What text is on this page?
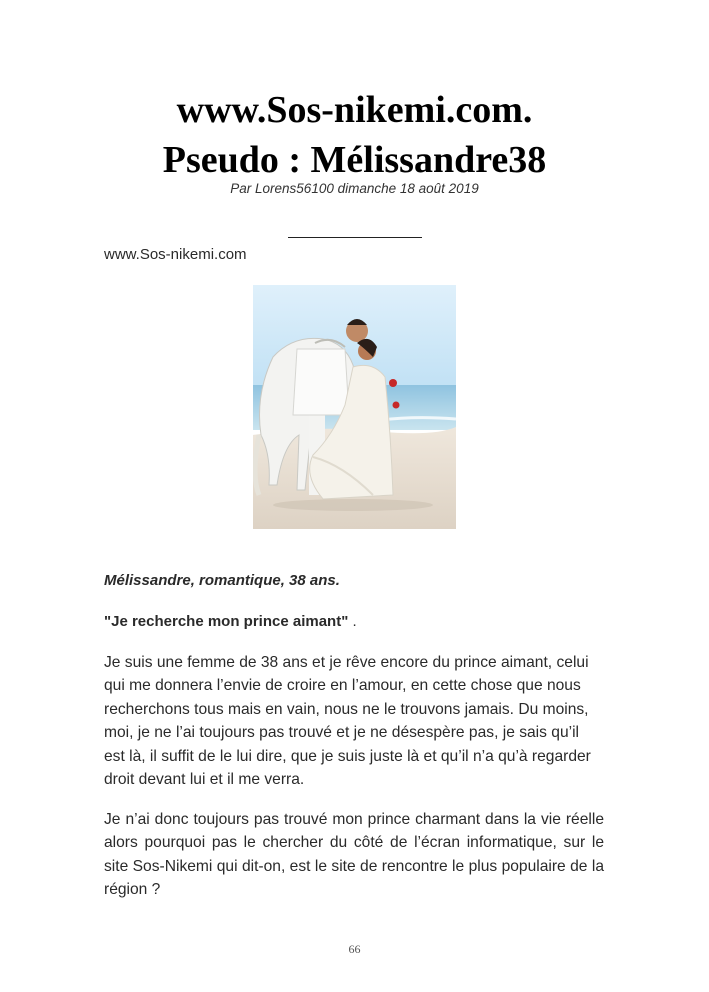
www.Sos-nikemi.com.
Pseudo : Mélissandre38
Par Lorens56100 dimanche 18 août 2019
www.Sos-nikemi.com
Mélissandre, romantique, 38 ans.
"Je recherche mon prince aimant" .

Je suis une femme de 38 ans et je rêve encore du prince aimant, celui qui me donnera l’envie de croire en l’amour, en cette chose que nous recherchons tous mais en vain, nous ne le trouvons jamais. Du moins, moi, je ne l’ai toujours pas trouvé et je ne désespère pas, je sais qu’il est là, il suffit de le lui dire, que je suis juste là et qu’il n’a qu’à regarder droit devant lui et il me verra.

Je n’ai donc toujours pas trouvé mon prince charmant dans la vie réelle alors pourquoi pas le chercher du côté de l’écran informatique, sur le site Sos-Nikemi qui dit-on, est le site de rencontre le plus populaire de la région ?

66
